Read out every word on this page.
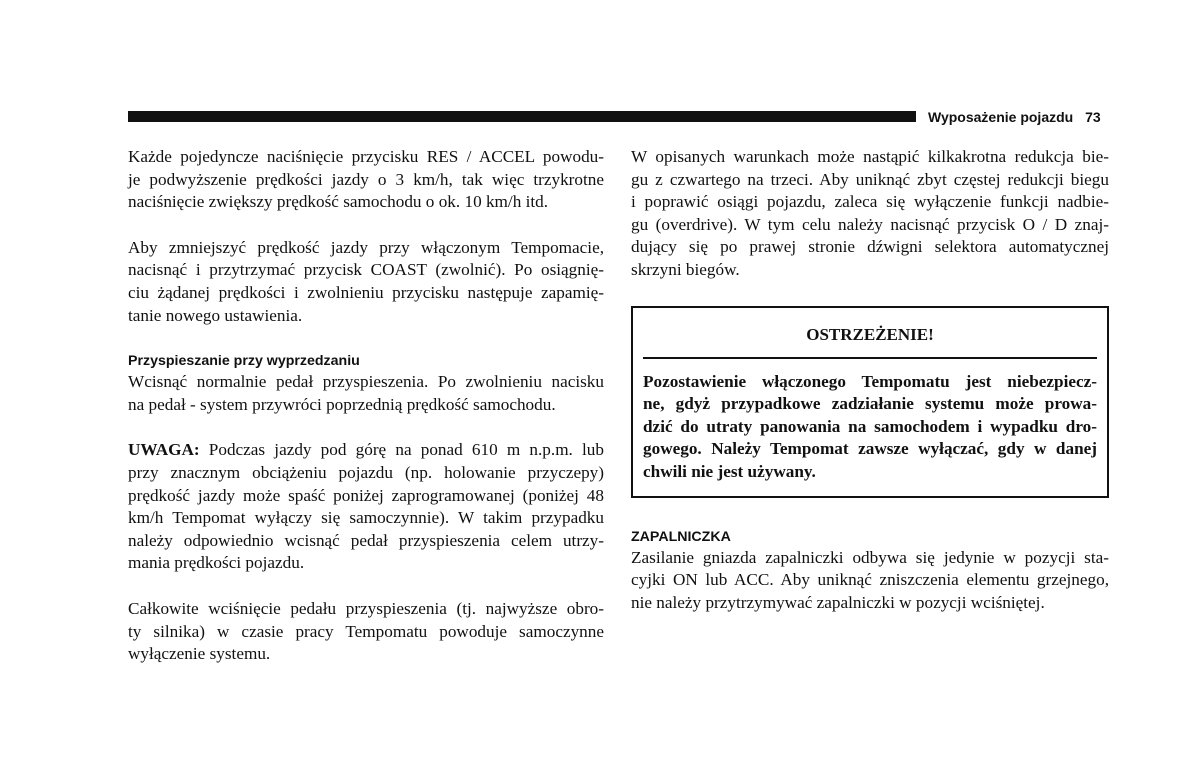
Wyposażenie pojazdu 73
Każde pojedyncze naciśnięcie przycisku RES / ACCEL powodu-
je podwyższenie prędkości jazdy o 3 km/h, tak więc trzykrotne
naciśnięcie zwiększy prędkość samochodu o ok. 10 km/h itd.
Aby zmniejszyć prędkość jazdy przy włączonym Tempomacie,
nacisnąć i przytrzymać przycisk COAST (zwolnić). Po osiągnię-
ciu żądanej prędkości i zwolnieniu przycisku następuje zapamię-
tanie nowego ustawienia.
Przyspieszanie przy wyprzedzaniu
Wcisnąć normalnie pedał przyspieszenia. Po zwolnieniu nacisku
na pedał - system przywróci poprzednią prędkość samochodu.
UWAGA: Podczas jazdy pod górę na ponad 610 m n.p.m. lub
przy znacznym obciążeniu pojazdu (np. holowanie przyczepy)
prędkość jazdy może spaść poniżej zaprogramowanej (poniżej 48
km/h Tempomat wyłączy się samoczynnie). W takim przypadku
należy odpowiednio wcisnąć pedał przyspieszenia celem utrzy-
mania prędkości pojazdu.
Całkowite wciśnięcie pedału przyspieszenia (tj. najwyższe obro-
ty silnika) w czasie pracy Tempomatu powoduje samoczynne
wyłączenie systemu.
W opisanych warunkach może nastąpić kilkakrotna redukcja bie-
gu z czwartego na trzeci. Aby uniknąć zbyt częstej redukcji biegu
i poprawić osiągi pojazdu, zaleca się wyłączenie funkcji nadbie-
gu (overdrive). W tym celu należy nacisnąć przycisk O / D znaj-
dujący się po prawej stronie dźwigni selektora automatycznej
skrzyni biegów.
OSTRZEŻENIE!
Pozostawienie włączonego Tempomatu jest niebezpiecz-
ne, gdyż przypadkowe zadziałanie systemu może prowa-
dzić do utraty panowania na samochodem i wypadku dro-
gowego. Należy Tempomat zawsze wyłączać, gdy w danej
chwili nie jest używany.
ZAPALNICZKA
Zasilanie gniazda zapalniczki odbywa się jedynie w pozycji sta-
cyjki ON lub ACC. Aby uniknąć zniszczenia elementu grzejnego,
nie należy przytrzymywać zapalniczki w pozycji wciśniętej.
